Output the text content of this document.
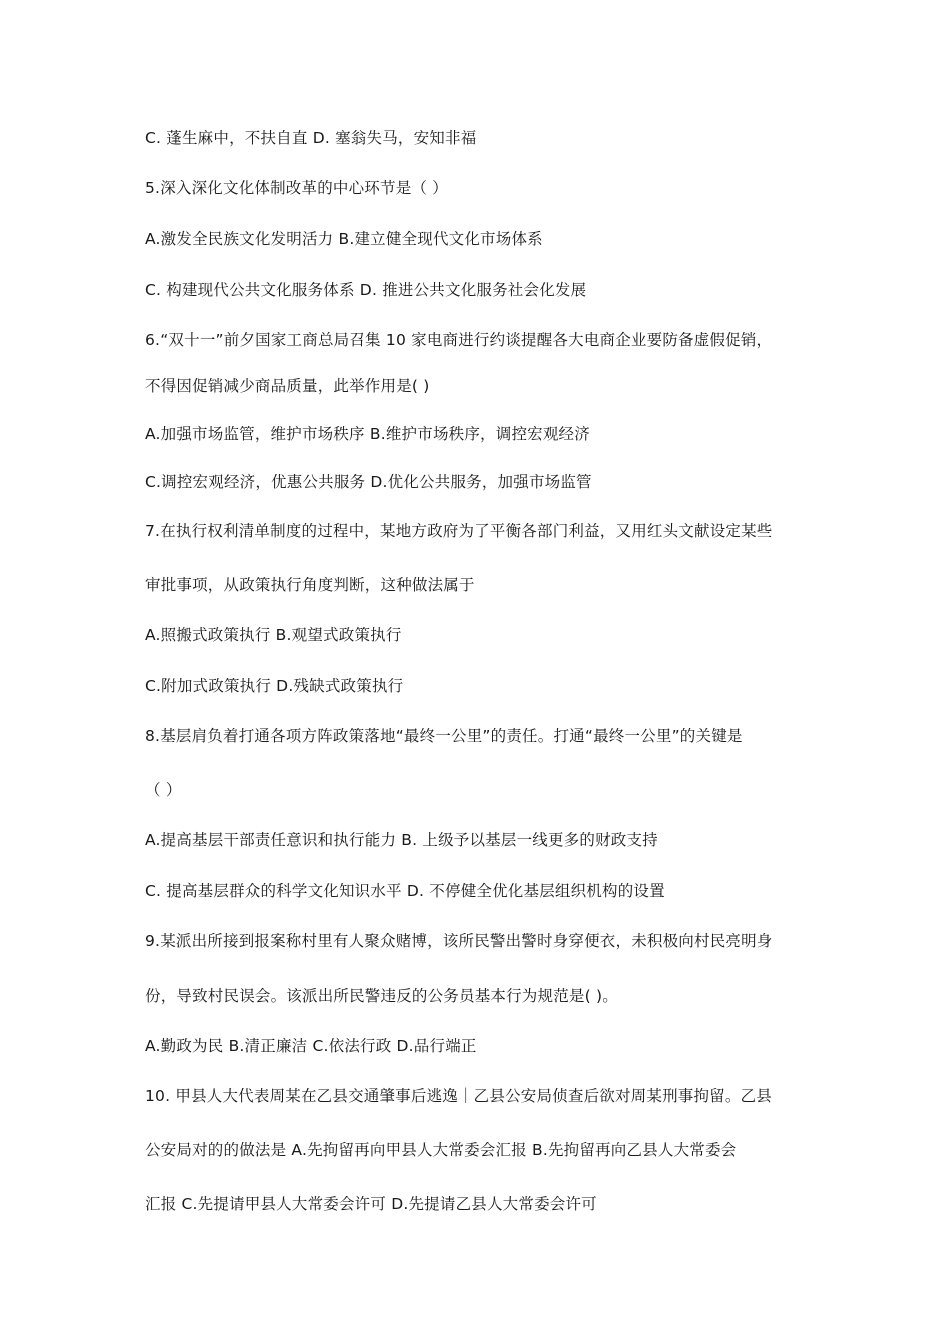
C. 蓬生麻中，不扶自直 D. 塞翁失马，安知非福
5.深入深化文化体制改革的中心环节是（ ）
A.激发全民族文化发明活力 B.建立健全现代文化市场体系
C. 构建现代公共文化服务体系 D. 推进公共文化服务社会化发展
6.“双十一”前夕国家工商总局召集 10 家电商进行约谈提醒各大电商企业要防备虚假促销，
不得因促销减少商品质量，此举作用是( )
A.加强市场监管，维护市场秩序 B.维护市场秩序，调控宏观经济
C.调控宏观经济，优惠公共服务 D.优化公共服务，加强市场监管
7.在执行权利清单制度的过程中，某地方政府为了平衡各部门利益，又用红头文献设定某些
审批事项，从政策执行角度判断，这种做法属于
A.照搬式政策执行 B.观望式政策执行
C.附加式政策执行 D.残缺式政策执行
8.基层肩负着打通各项方阵政策落地“最终一公里”的责任。打通“最终一公里”的关键是
（ ）
A.提高基层干部责任意识和执行能力 B. 上级予以基层一线更多的财政支持
C. 提高基层群众的科学文化知识水平 D. 不停健全优化基层组织机构的设置
9.某派出所接到报案称村里有人聚众赌博，该所民警出警时身穿便衣，未积极向村民亮明身
份，导致村民误会。该派出所民警违反的公务员基本行为规范是( )。
A.勤政为民 B.清正廉洁 C.依法行政 D.品行端正
10. 甲县人大代表周某在乙县交通肇事后逃逸｜乙县公安局侦查后欲对周某刑事拘留。乙县
公安局对的的做法是 A.先拘留再向甲县人大常委会汇报 B.先拘留再向乙县人大常委会
汇报 C.先提请甲县人大常委会许可 D.先提请乙县人大常委会许可
